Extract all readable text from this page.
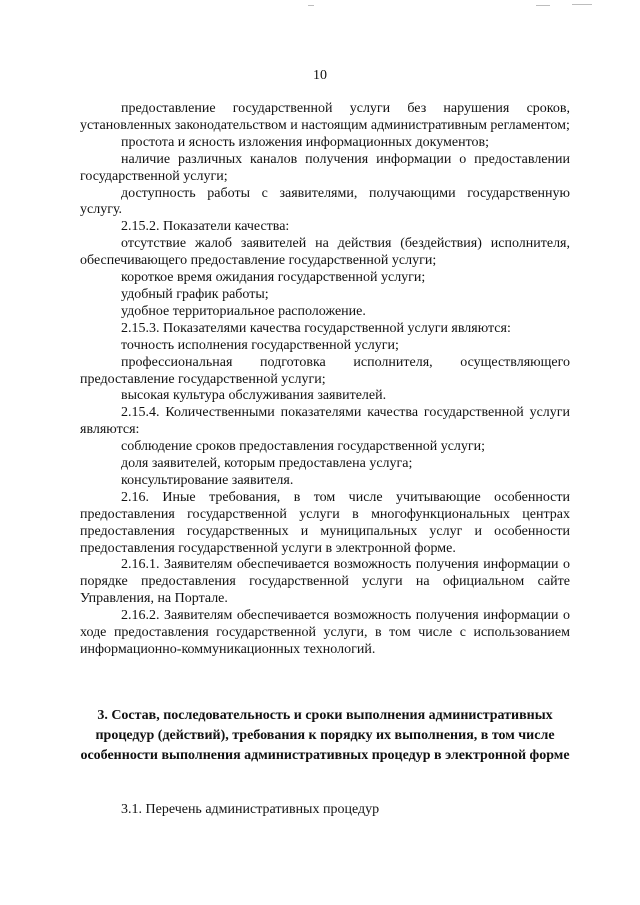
10

предоставление государственной услуги без нарушения сроков, установленных законодательством и настоящим административным регламентом;

простота и ясность изложения информационных документов;

наличие различных каналов получения информации о предоставлении государственной услуги;

доступность работы с заявителями, получающими государственную услугу.

2.15.2. Показатели качества:

отсутствие жалоб заявителей на действия (бездействия) исполнителя, обеспечивающего предоставление государственной услуги;

короткое время ожидания государственной услуги;

удобный график работы;

удобное территориальное расположение.

2.15.3. Показателями качества государственной услуги являются:

точность исполнения государственной услуги;

профессиональная подготовка исполнителя, осуществляющего предоставление государственной услуги;

высокая культура обслуживания заявителей.

2.15.4. Количественными показателями качества государственной услуги являются:

соблюдение сроков предоставления государственной услуги;

доля заявителей, которым предоставлена услуга;

консультирование заявителя.

2.16. Иные требования, в том числе учитывающие особенности предоставления государственной услуги в многофункциональных центрах предоставления государственных и муниципальных услуг и особенности предоставления государственной услуги в электронной форме.

2.16.1. Заявителям обеспечивается возможность получения информации о порядке предоставления государственной услуги на официальном сайте Управления, на Портале.

2.16.2. Заявителям обеспечивается возможность получения информации о ходе предоставления государственной услуги, в том числе с использованием информационно-коммуникационных технологий.

3. Состав, последовательность и сроки выполнения административных процедур (действий), требования к порядку их выполнения, в том числе особенности выполнения административных процедур в электронной форме

3.1. Перечень административных процедур
